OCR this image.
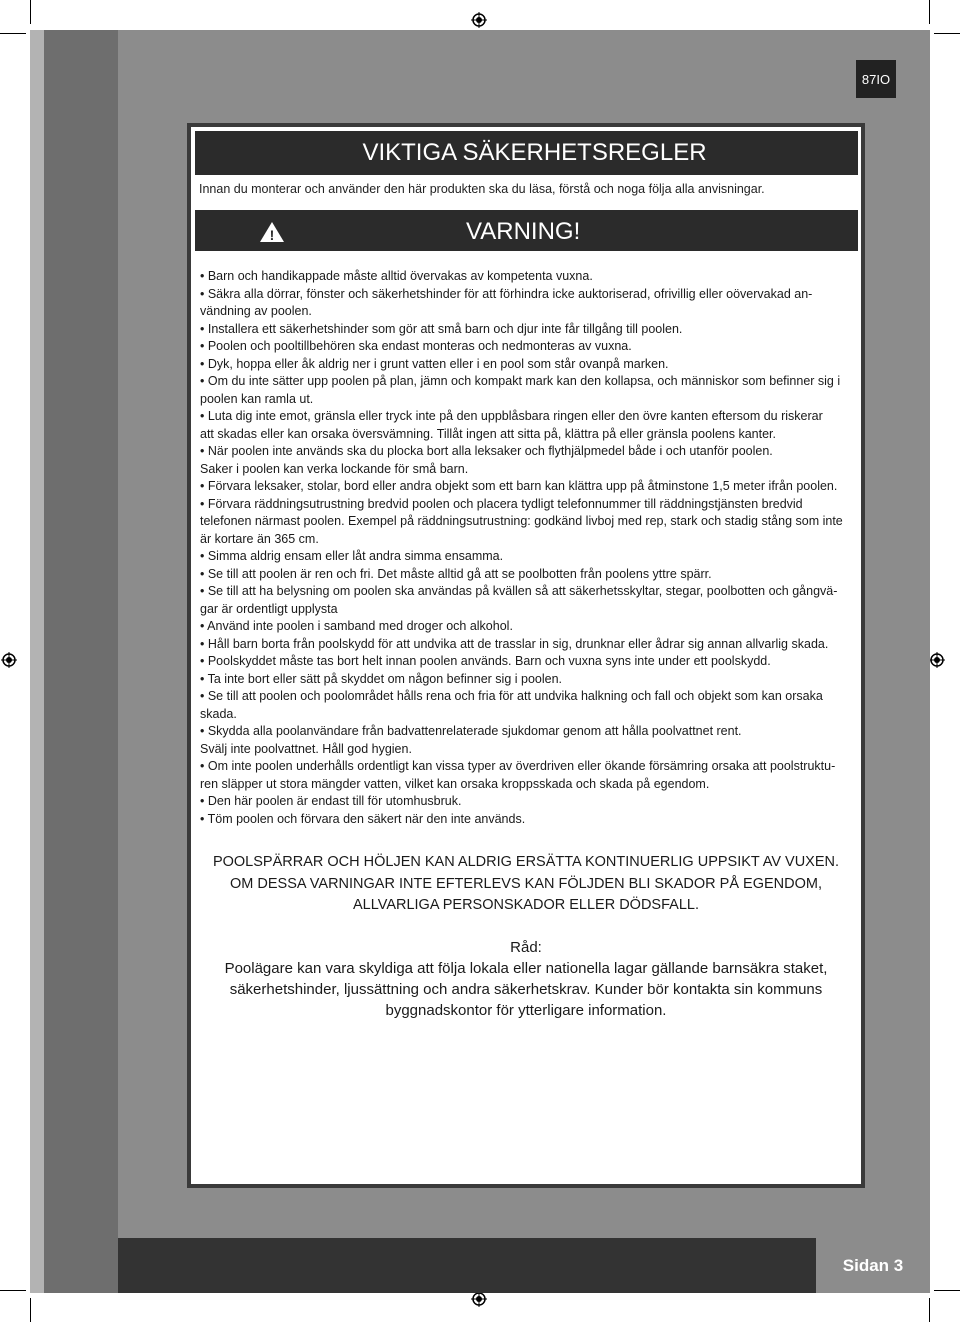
87IO
VIKTIGA SÄKERHETSREGLER
Innan du monterar och använder den här produkten ska du läsa, förstå och noga följa alla anvisningar.
!	VARNING!
• Barn och handikappade måste alltid övervakas av kompetenta vuxna.
• Säkra alla dörrar, fönster och säkerhetshinder för att förhindra icke auktoriserad, ofrivillig eller oövervakad an-
vändning av poolen.
• Installera ett säkerhetshinder som gör att små barn och djur inte får tillgång till poolen.
• Poolen och pooltillbehören ska endast monteras och nedmonteras av vuxna.
• Dyk, hoppa eller åk aldrig ner i grunt vatten eller i en pool som står ovanpå marken.
• Om du inte sätter upp poolen på plan, jämn och kompakt mark kan den kollapsa, och människor som befinner sig i
poolen kan ramla ut.
• Luta dig inte emot, gränsla eller tryck inte på den uppblåsbara ringen eller den övre kanten eftersom du riskerar
att skadas eller kan orsaka översvämning. Tillåt ingen att sitta på, klättra på eller gränsla poolens kanter.
• När poolen inte används ska du plocka bort alla leksaker och flythjälpmedel både i och utanför poolen.
Saker i poolen kan verka lockande för små barn.
• Förvara leksaker, stolar, bord eller andra objekt som ett barn kan klättra upp på åtminstone 1,5 meter ifrån poolen.
• Förvara räddningsutrustning bredvid poolen och placera tydligt telefonnummer till räddningstjänsten bredvid
telefonen närmast poolen. Exempel på räddningsutrustning: godkänd livboj med rep, stark och stadig stång som inte
är kortare än 365 cm.
• Simma aldrig ensam eller låt andra simma ensamma.
• Se till att poolen är ren och fri. Det måste alltid gå att se poolbotten från poolens yttre spärr.
• Se till att ha belysning om poolen ska användas på kvällen så att säkerhetsskyltar, stegar, poolbotten och gångvä-
gar är ordentligt upplysta
• Använd inte poolen i samband med droger och alkohol.
• Håll barn borta från poolskydd för att undvika att de trasslar in sig, drunknar eller ådrar sig annan allvarlig skada.
• Poolskyddet måste tas bort helt innan poolen används. Barn och vuxna syns inte under ett poolskydd.
• Ta inte bort eller sätt på skyddet om någon befinner sig i poolen.
• Se till att poolen och poolområdet hålls rena och fria för att undvika halkning och fall och objekt som kan orsaka
skada.
• Skydda alla poolanvändare från badvattenrelaterade sjukdomar genom att hålla poolvattnet rent.
Svälj inte poolvattnet. Håll god hygien.
• Om inte poolen underhålls ordentligt kan vissa typer av överdriven eller ökande försämring orsaka att poolstruktu-
ren släpper ut stora mängder vatten, vilket kan orsaka kroppsskada och skada på egendom.
• Den här poolen är endast till för utomhusbruk.
• Töm poolen och förvara den säkert när den inte används.
POOLSPÄRRAR OCH HÖLJEN KAN ALDRIG ERSÄTTA KONTINUERLIG UPPSIKT AV VUXEN.
OM DESSA VARNINGAR INTE EFTERLEVS KAN FÖLJDEN BLI SKADOR PÅ EGENDOM,
ALLVARLIGA PERSONSKADOR ELLER DÖDSFALL.
Råd:
Poolägare kan vara skyldiga att följa lokala eller nationella lagar gällande barnsäkra staket,
säkerhetshinder, ljussättning och andra säkerhetskrav. Kunder bör kontakta sin kommuns
byggnadskontor för ytterligare information.
Sidan 3
